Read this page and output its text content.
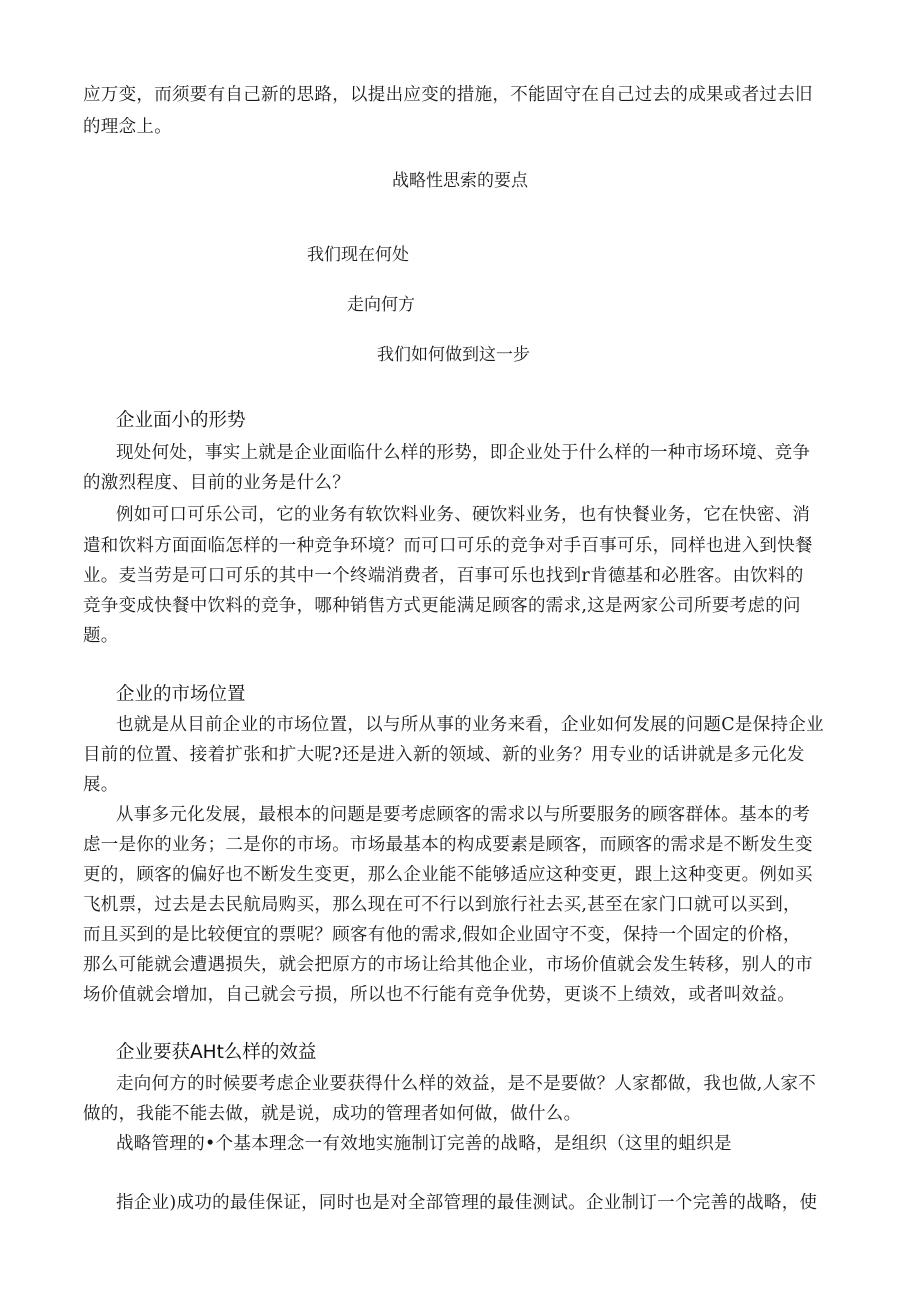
应万变，而须要有自己新的思路，以提出应变的措施，不能固守在自己过去的成果或者过去旧
的理念上。
战略性思索的要点
我们现在何处
走向何方
我们如何做到这一步
企业面小的形势
现处何处，事实上就是企业面临什么样的形势，即企业处于什么样的一种市场环境、竞争
的激烈程度、目前的业务是什么？
例如可口可乐公司，它的业务有软饮料业务、硬饮料业务，也有快餐业务，它在快密、消
遣和饮料方面面临怎样的一种竞争环境？而可口可乐的竞争对手百事可乐，同样也进入到快餐
业。麦当劳是可口可乐的其中一个终端消费者，百事可乐也找到r肯德基和必胜客。由饮料的
竞争变成快餐中饮料的竞争，哪种销售方式更能满足顾客的需求,这是两家公司所要考虑的问
题。
企业的市场位置
也就是从目前企业的市场位置，以与所从事的业务来看，企业如何发展的问题C是保持企业
目前的位置、接着扩张和扩大呢?还是进入新的领域、新的业务？用专业的话讲就是多元化发
展。
从事多元化发展，最根本的问题是要考虑顾客的需求以与所要服务的顾客群体。基本的考
虑一是你的业务；二是你的市场。市场最基本的构成要素是顾客，而顾客的需求是不断发生变
更的，顾客的偏好也不断发生变更，那么企业能不能够适应这种变更，跟上这种变更。例如买
飞机票，过去是去民航局购买，那么现在可不行以到旅行社去买,甚至在家门口就可以买到，
而且买到的是比较便宜的票呢？顾客有他的需求,假如企业固守不变，保持一个固定的价格，
那么可能就会遭遇损失，就会把原方的市场让给其他企业，市场价值就会发生转移，别人的市
场价值就会增加，自己就会亏损，所以也不行能有竞争优势，更谈不上绩效，或者叫效益。
企业要获AHt么样的效益
走向何方的时候要考虑企业要获得什么样的效益，是不是要做？人家都做，我也做,人家不
做的，我能不能去做，就是说，成功的管理者如何做，做什么。
战略管理的•个基本理念一有效地实施制订完善的战略，是组织（这里的蛆织是
指企业)成功的最佳保证，同时也是对全部管理的最佳测试。企业制订一个完善的战略，使
